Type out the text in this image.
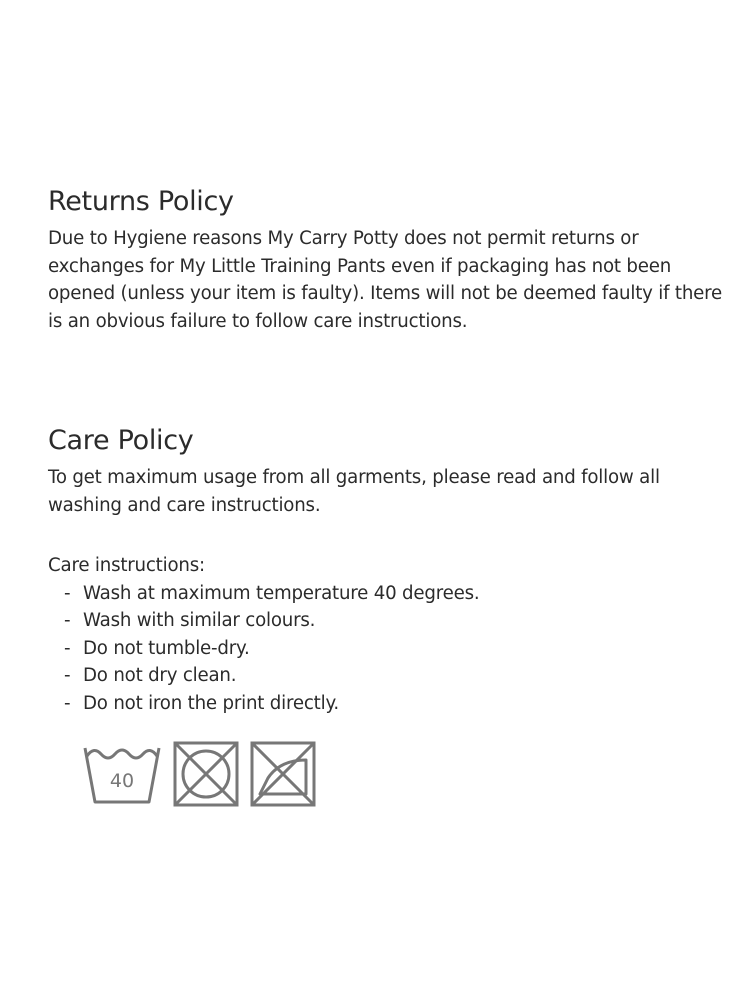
Returns Policy

Due to Hygiene reasons My Carry Potty does not permit returns or exchanges for My Little Training Pants even if packaging has not been opened (unless your item is faulty). Items will not be deemed faulty if there is an obvious failure to follow care instructions.

Care Policy

To get maximum usage from all garments, please read and follow all washing and care instructions.

Care instructions:
- Wash at maximum temperature 40 degrees.
- Wash with similar colours.
- Do not tumble-dry.
- Do not dry clean.
- Do not iron the print directly.
40
